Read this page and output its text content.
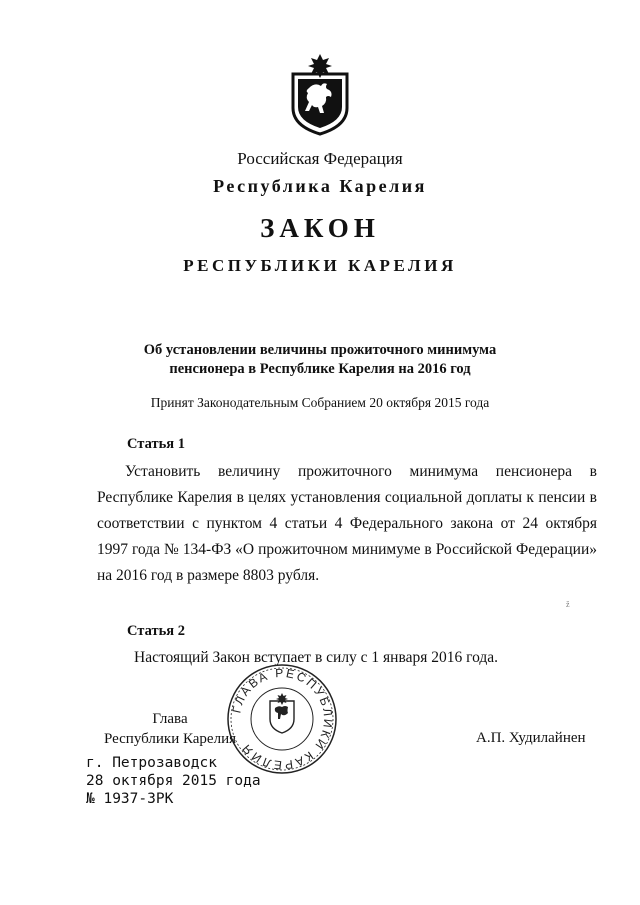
Российская Федерация
Республика Карелия
ЗАКОН
РЕСПУБЛИКИ КАРЕЛИЯ
Об установлении величины прожиточного минимума
пенсионера в Республике Карелия на 2016 год
Принят Законодательным Собранием 20 октября 2015 года
Статья 1
Установить величину прожиточного минимума пенсионера в
Республике Карелия в целях установления социальной доплаты к пенсии в
соответствии с пунктом 4 статьи 4 Федерального закона от 24 октября
1997 года № 134-ФЗ «О прожиточном минимуме в Российской Федерации»
на 2016 год в размере 8803 рубля.
ž
Статья 2
Настоящий Закон вступает в силу с 1 января 2016 года.
ГЛАВА РЕСПУБЛИКИ КАРЕЛИЯ
Глава
Республики Карелия	А.П. Худилайнен
г. Петрозаводск
28 октября 2015 года
№ 1937-ЗРК
